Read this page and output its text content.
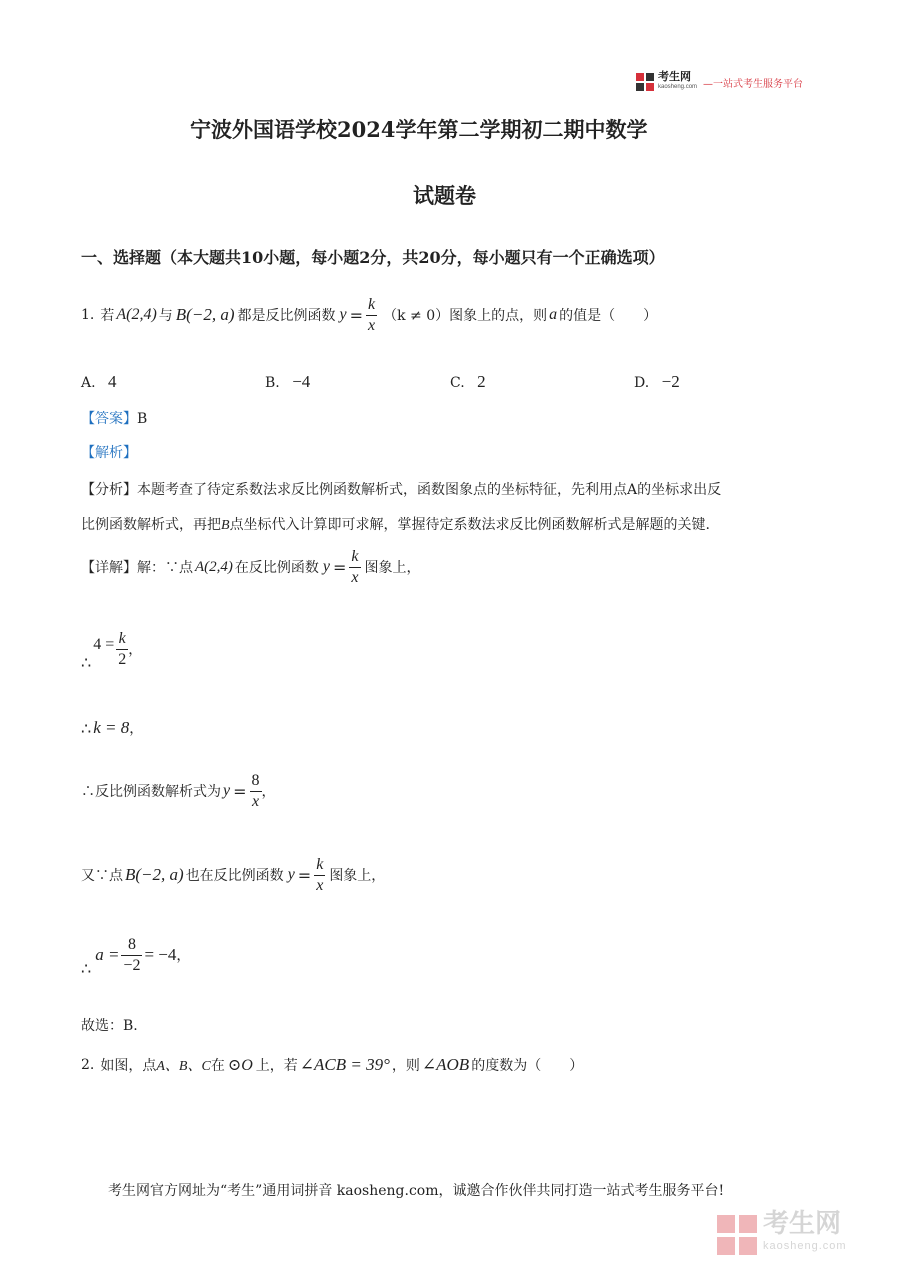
考生网
kaosheng.com —一站式考生服务平台
宁波外国语学校2024学年第二学期初二期中数学
试题卷
一、选择题（本大题共10小题，每小题2分，共20分，每小题只有一个正确选项）
1. 若 A(2,4) 与 B(−2, a) 都是反比例函数 $y = \frac{k}{x} (k \ne 0)$图象上的点，则 a 的值是（　　）
A. 4	B. −4	C. 2	D. −2
【答案】B
【解析】
【分析】本题考查了待定系数法求反比例函数解析式，函数图象点的坐标特征，先利用点A的坐标求出反
比例函数解析式，再把B点坐标代入计算即可求解，掌握待定系数法求反比例函数解析式是解题的关键.
【详解】 解：∵点 A(2,4) 在反比例函数 $y = \frac{k}{x}$ 图象上，
∴
$4 = \frac{k}{2}$ ，
∴ k = 8 ，
∴反比例函数解析式为 $y = \frac{8}{x}$ ，
又∵点 B(−2, a) 也在反比例函数 $y = \frac{k}{x}$ 图象上，
∴
$a = \frac{8}{-2} = -4$ ，
故选：B.
2. 如图，点 A、B、C 在 ⊙O 上，若 ∠ACB = 39° ，则 ∠AOB 的度数为（　　）
考生网官方网址为“考生”通用词拼音 kaosheng.com，诚邀合作伙伴共同打造一站式考生服务平台!
考生网
kaosheng.com
